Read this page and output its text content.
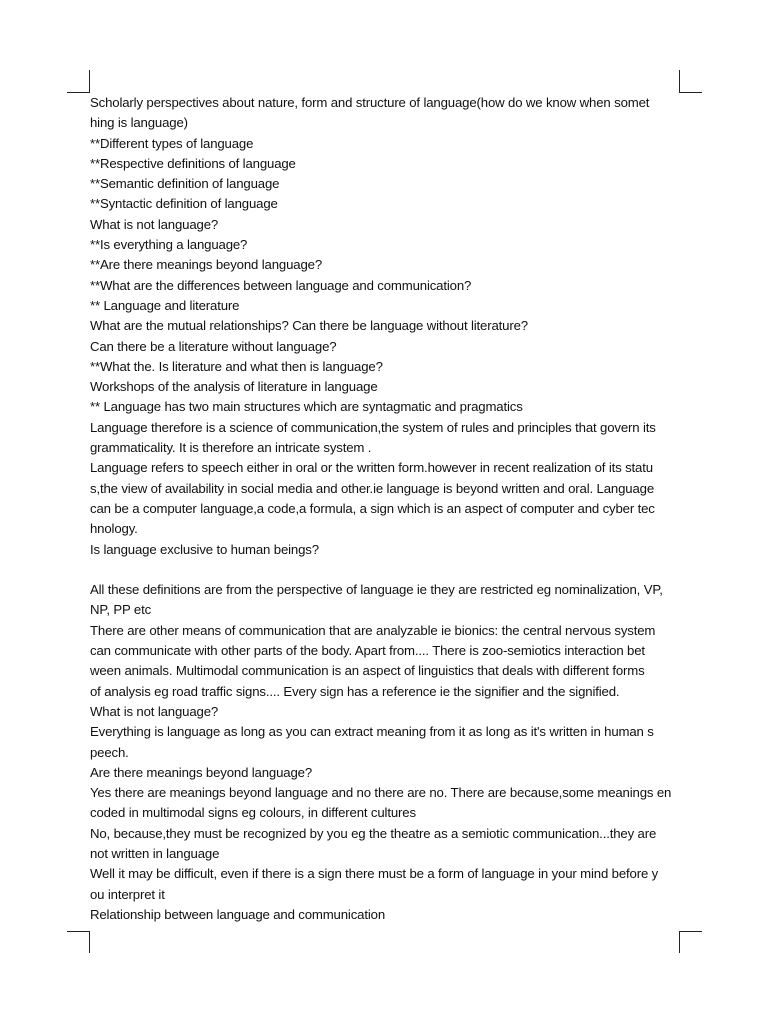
Scholarly perspectives about nature, form and structure of language(how do we know when somet
hing is language)
**Different types of language
**Respective definitions of language
**Semantic definition of language
**Syntactic definition of language
What is not language?
**Is everything a language?
**Are there meanings beyond language?
**What are the differences between language and communication?
** Language and literature
What are the mutual relationships? Can there be language without literature?
Can there be a literature without language?
**What the. Is literature and what then is language?
Workshops of the analysis of literature in language
** Language has two main structures which are syntagmatic and pragmatics
Language therefore is a science of communication,the system of rules and principles that govern its
grammaticality. It is therefore an intricate system .
Language refers to speech either in oral or the written form.however in recent realization of its statu
s,the view of availability in social media and other.ie language is beyond written and oral. Language
can be a computer language,a code,a formula, a sign which is an aspect of computer and cyber tec
hnology.
Is language exclusive to human beings?
All these definitions are from the perspective of language ie they are restricted eg nominalization, VP,
NP, PP etc
There are other means of communication that are analyzable ie bionics: the central nervous system
can communicate with other parts of the body. Apart from.... There is zoo-semiotics interaction bet
ween animals. Multimodal communication is an aspect of linguistics that deals with different forms
of analysis eg road traffic signs.... Every sign has a reference ie the signifier and the signified.
What is not language?
Everything is language as long as you can extract meaning from it as long as it's written in human s
peech.
Are there meanings beyond language?
Yes there are meanings beyond language and no there are no. There are because,some meanings en
coded in multimodal signs eg colours, in different cultures
No, because,they must be recognized by you eg the theatre as a semiotic communication...they are
not written in language
Well it may be difficult, even if there is a sign there must be a form of language in your mind before y
ou interpret it
Relationship between language and communication
